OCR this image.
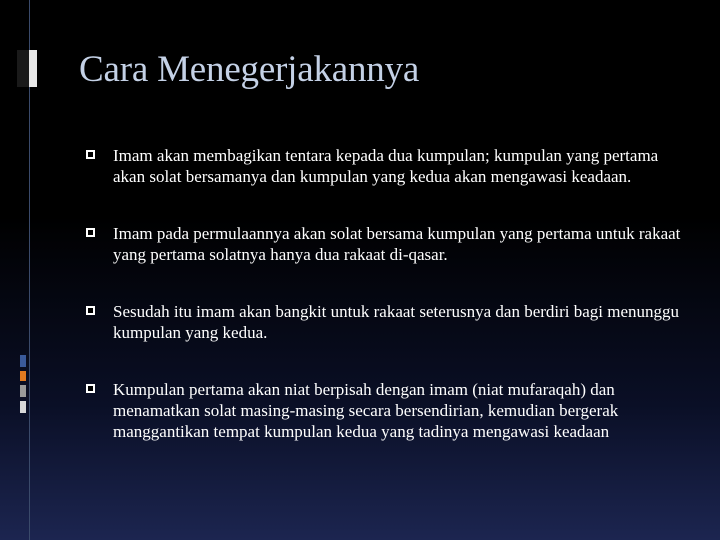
Cara Menegerjakannya
Imam akan membagikan tentara kepada dua kumpulan; kumpulan yang pertama akan solat bersamanya dan kumpulan yang kedua akan mengawasi keadaan.
Imam pada permulaannya akan solat bersama kumpulan yang pertama untuk rakaat yang pertama solatnya hanya dua rakaat di-qasar.
Sesudah itu imam akan bangkit untuk rakaat seterusnya dan berdiri bagi menunggu kumpulan yang kedua.
Kumpulan pertama akan niat berpisah dengan imam (niat mufaraqah) dan menamatkan solat masing-masing secara bersendirian, kemudian bergerak manggantikan tempat kumpulan kedua yang tadinya mengawasi keadaan
